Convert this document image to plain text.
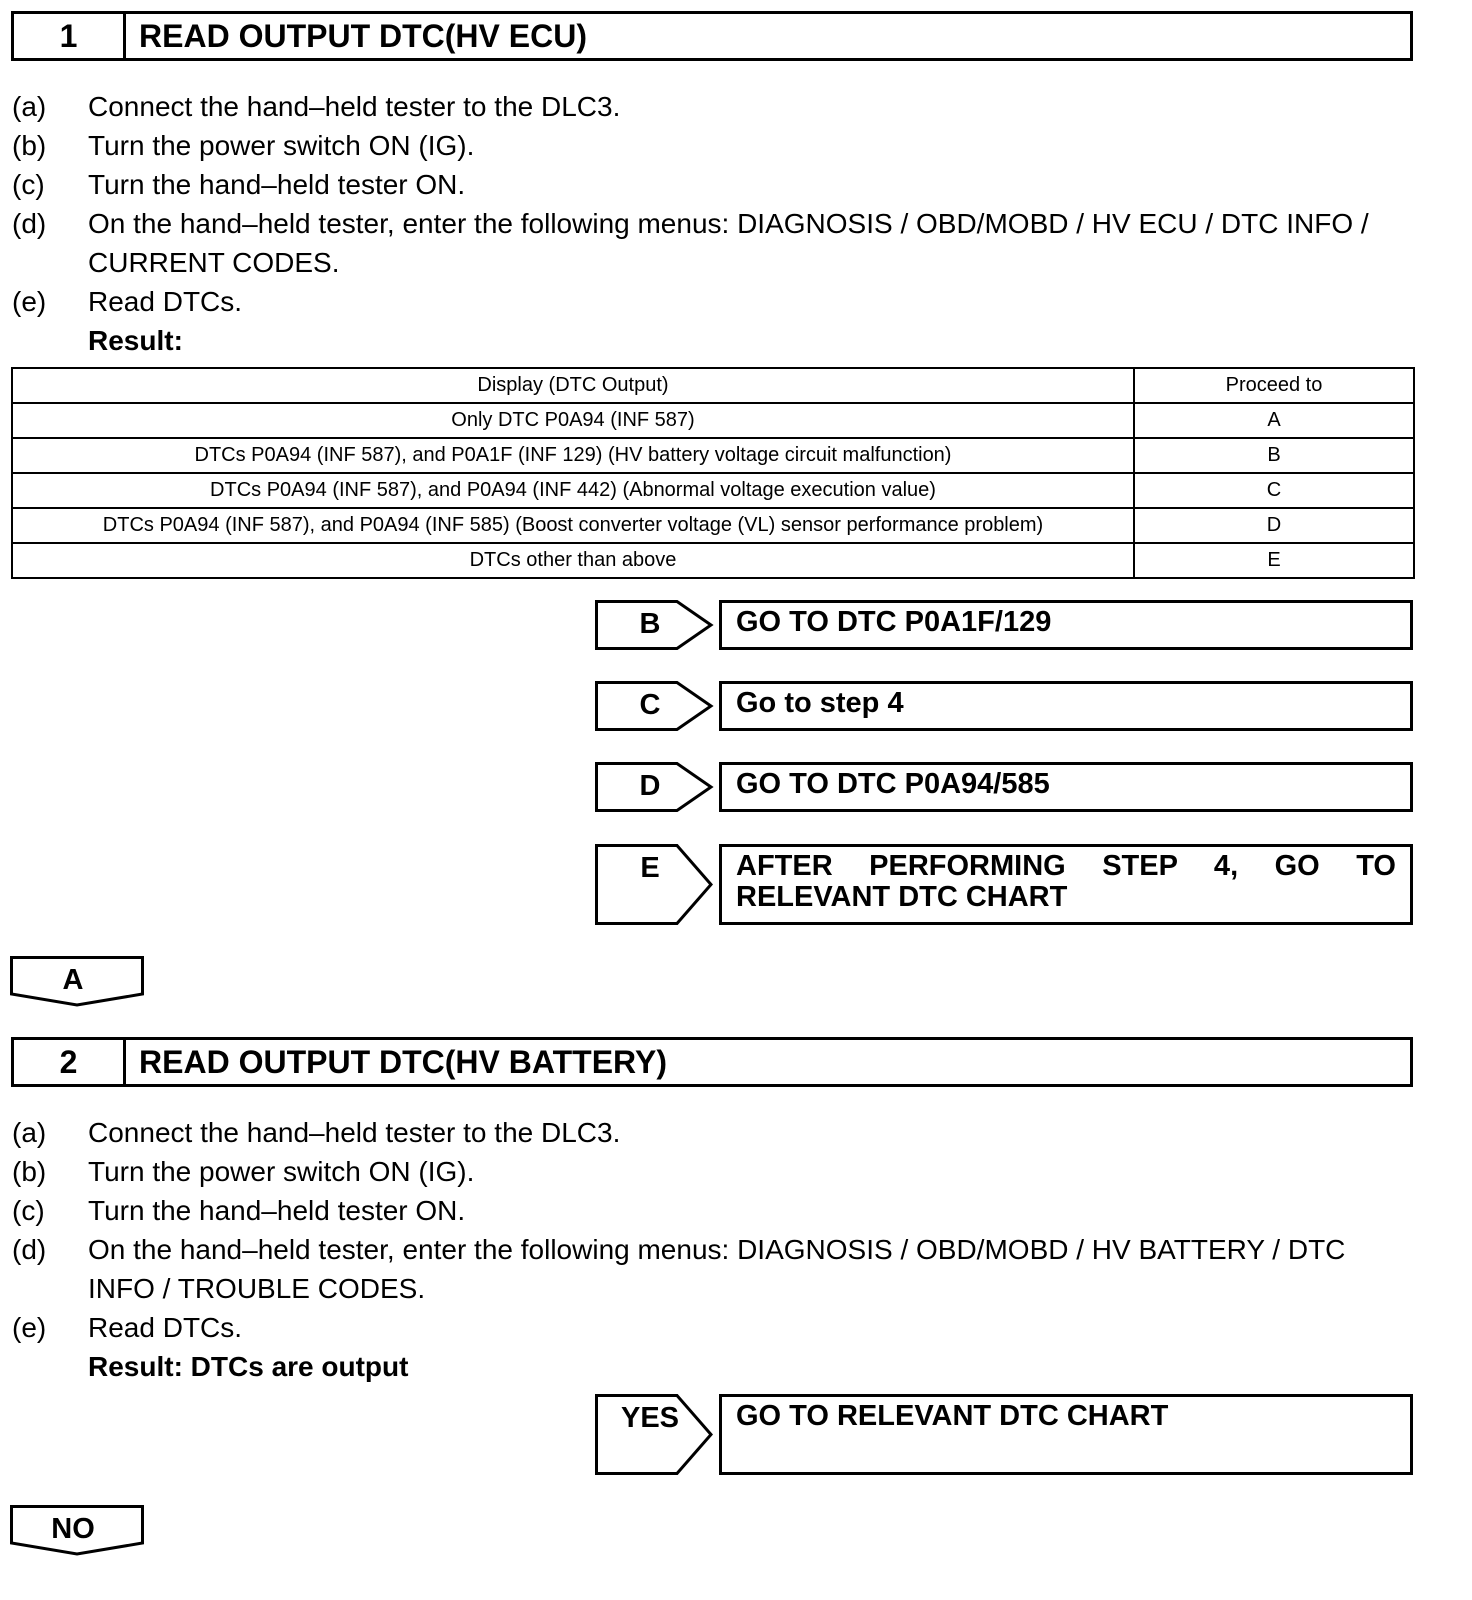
1	READ OUTPUT DTC(HV ECU)
(a)	Connect the hand–held tester to the DLC3.
(b)	Turn the power switch ON (IG).
(c)	Turn the hand–held tester ON.
(d)	On the hand–held tester, enter the following menus: DIAGNOSIS / OBD/MOBD / HV ECU / DTC INFO / CURRENT CODES.
(e)	Read DTCs.
Result:
Display (DTC Output)	Proceed to
Only DTC P0A94 (INF 587)	A
DTCs P0A94 (INF 587), and P0A1F (INF 129) (HV battery voltage circuit malfunction)	B
DTCs P0A94 (INF 587), and P0A94 (INF 442) (Abnormal voltage execution value)	C
DTCs P0A94 (INF 587), and P0A94 (INF 585) (Boost converter voltage (VL) sensor performance problem)	D
DTCs other than above	E
B	GO TO DTC P0A1F/129
C	Go to step 4
D	GO TO DTC P0A94/585
E	AFTER PERFORMING STEP 4, GO TO RELEVANT DTC CHART
A
2	READ OUTPUT DTC(HV BATTERY)
(a)	Connect the hand–held tester to the DLC3.
(b)	Turn the power switch ON (IG).
(c)	Turn the hand–held tester ON.
(d)	On the hand–held tester, enter the following menus: DIAGNOSIS / OBD/MOBD / HV BATTERY / DTC INFO / TROUBLE CODES.
(e)	Read DTCs.
Result: DTCs are output
YES	GO TO RELEVANT DTC CHART
NO
